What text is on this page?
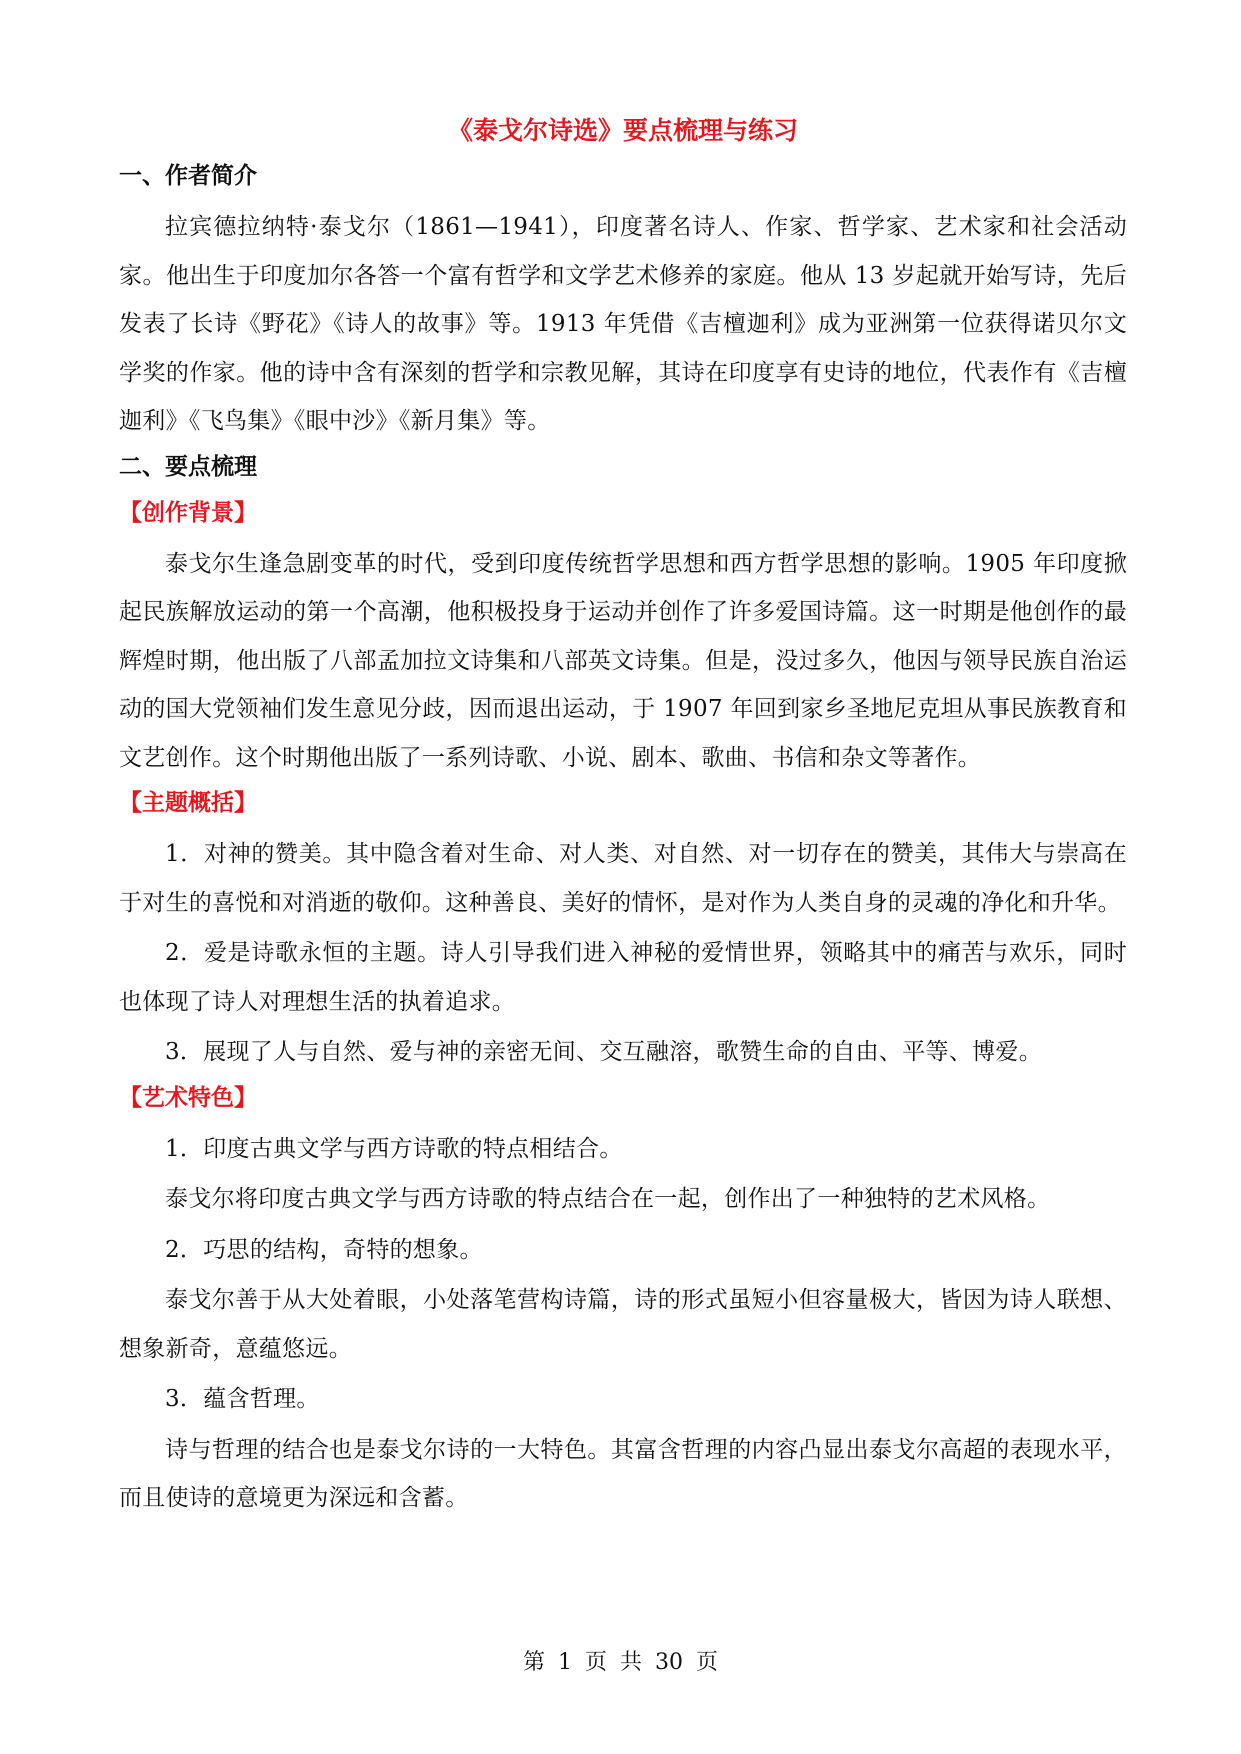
《泰戈尔诗选》要点梳理与练习
一、作者简介

拉宾德拉纳特·泰戈尔（1861—1941），印度著名诗人、作家、哲学家、艺术家和社会活动家。他出生于印度加尔各答一个富有哲学和文学艺术修养的家庭。他从 13 岁起就开始写诗，先后发表了长诗《野花》《诗人的故事》等。1913 年凭借《吉檀迦利》成为亚洲第一位获得诺贝尔文学奖的作家。他的诗中含有深刻的哲学和宗教见解，其诗在印度享有史诗的地位，代表作有《吉檀迦利》《飞鸟集》《眼中沙》《新月集》等。

二、要点梳理
【创作背景】

泰戈尔生逢急剧变革的时代，受到印度传统哲学思想和西方哲学思想的影响。1905 年印度掀起民族解放运动的第一个高潮，他积极投身于运动并创作了许多爱国诗篇。这一时期是他创作的最辉煌时期，他出版了八部孟加拉文诗集和八部英文诗集。但是，没过多久，他因与领导民族自治运动的国大党领袖们发生意见分歧，因而退出运动，于 1907 年回到家乡圣地尼克坦从事民族教育和文艺创作。这个时期他出版了一系列诗歌、小说、剧本、歌曲、书信和杂文等著作。

【主题概括】

1．对神的赞美。其中隐含着对生命、对人类、对自然、对一切存在的赞美，其伟大与崇高在于对生的喜悦和对消逝的敬仰。这种善良、美好的情怀，是对作为人类自身的灵魂的净化和升华。

2．爱是诗歌永恒的主题。诗人引导我们进入神秘的爱情世界，领略其中的痛苦与欢乐，同时也体现了诗人对理想生活的执着追求。

3．展现了人与自然、爱与神的亲密无间、交互融溶，歌赞生命的自由、平等、博爱。

【艺术特色】

1．印度古典文学与西方诗歌的特点相结合。

泰戈尔将印度古典文学与西方诗歌的特点结合在一起，创作出了一种独特的艺术风格。

2．巧思的结构，奇特的想象。

泰戈尔善于从大处着眼，小处落笔营构诗篇，诗的形式虽短小但容量极大，皆因为诗人联想、想象新奇，意蕴悠远。

3．蕴含哲理。

诗与哲理的结合也是泰戈尔诗的一大特色。其富含哲理的内容凸显出泰戈尔高超的表现水平，而且使诗的意境更为深远和含蓄。

第 1 页 共 30 页
